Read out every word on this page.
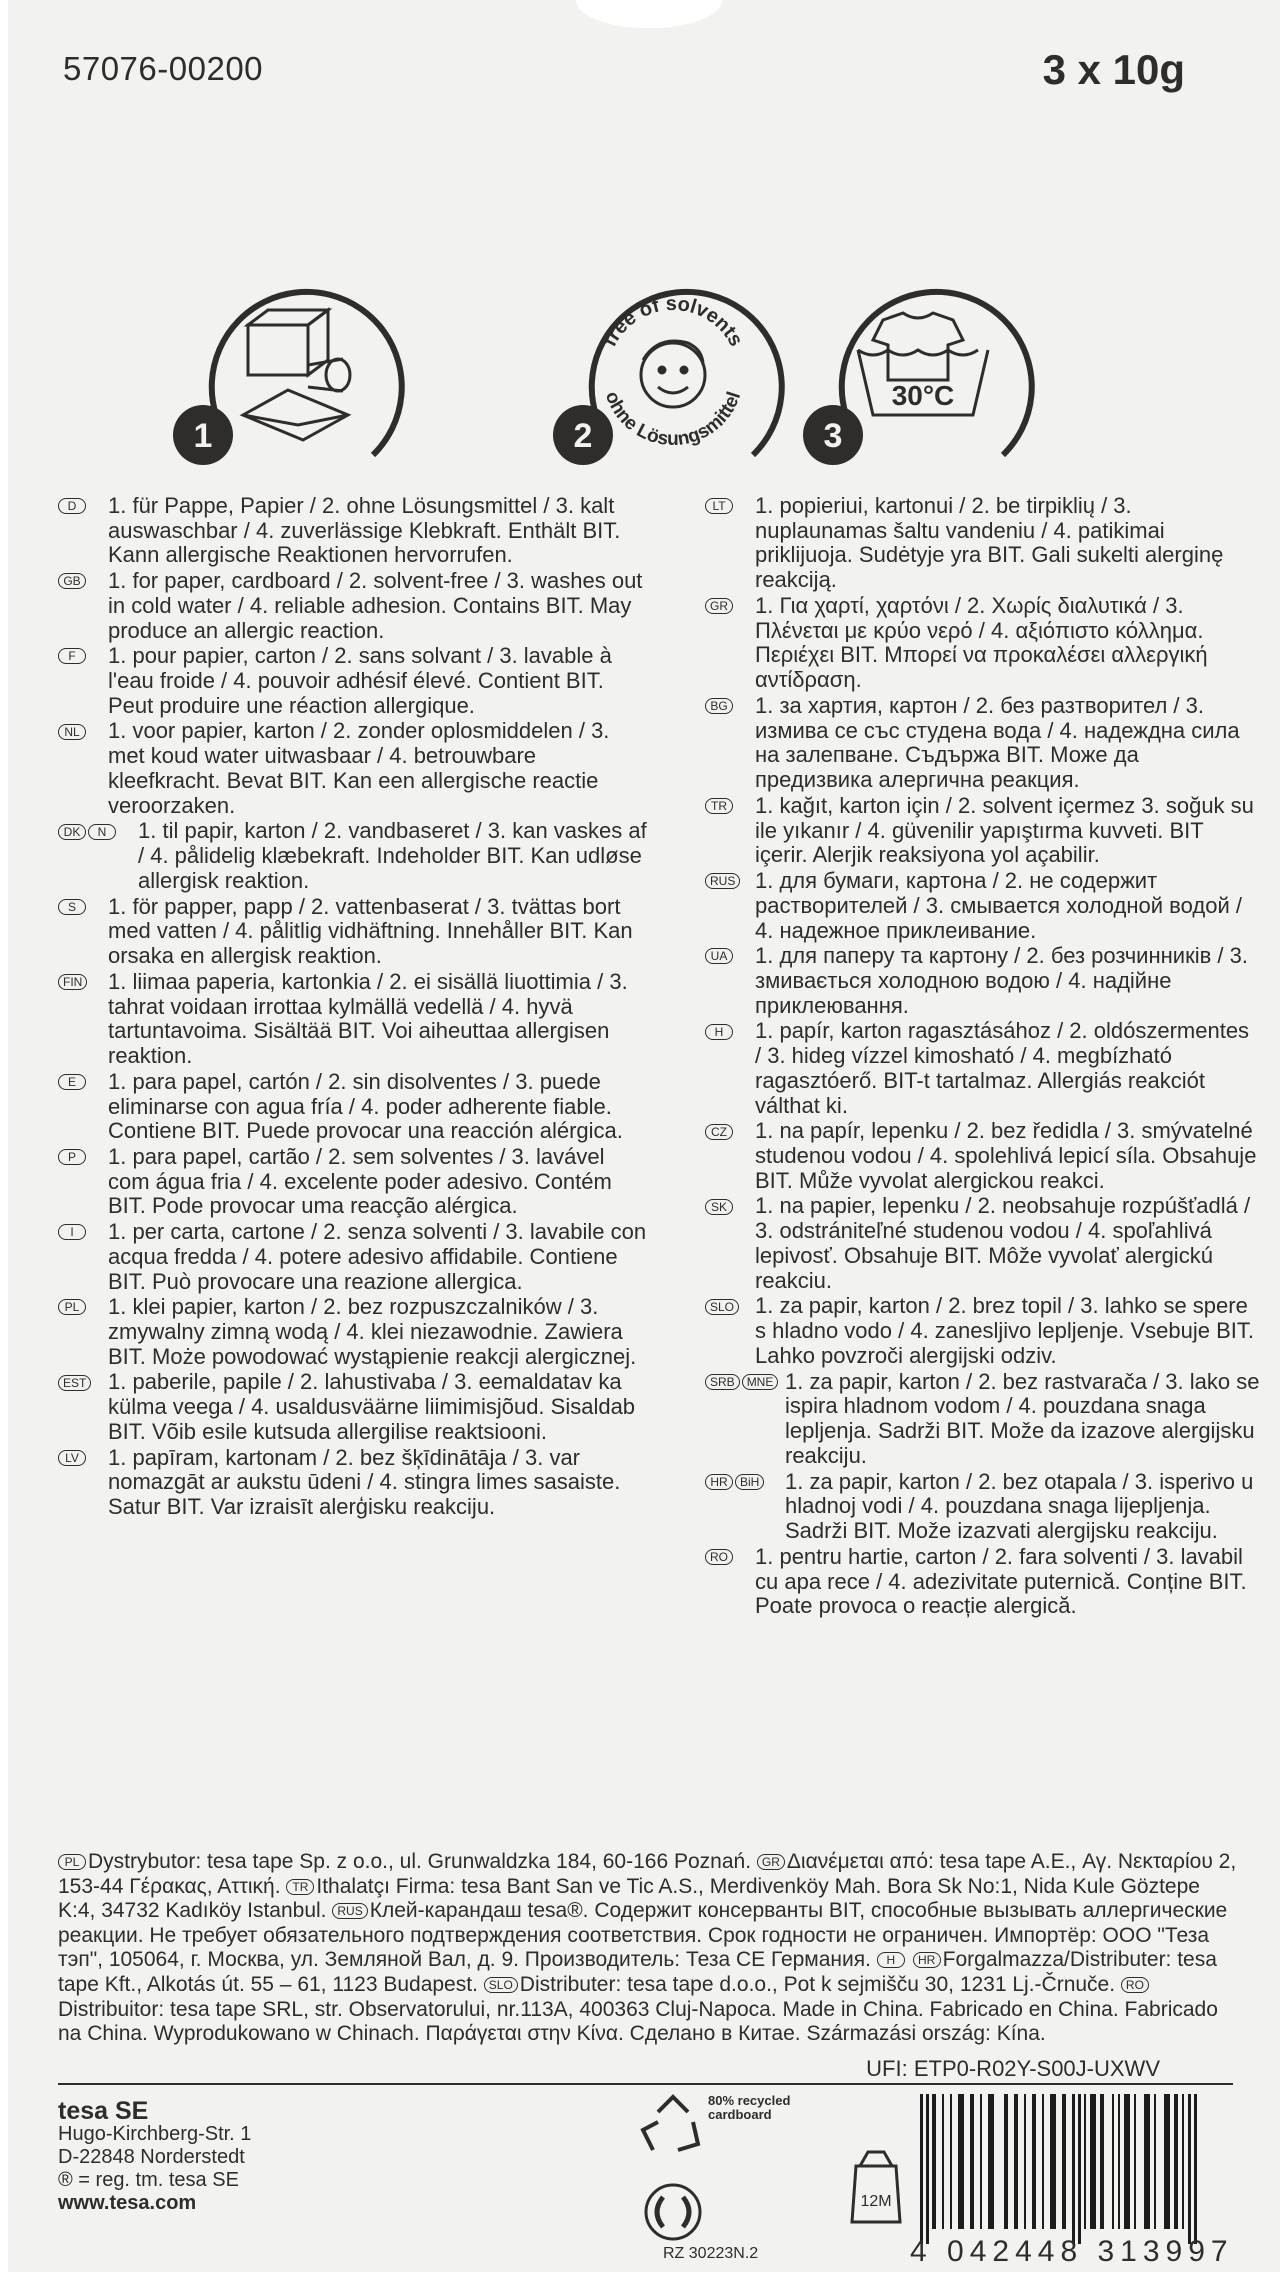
57076-00200	3 x 10g
1
free of solvents
ohne Lösungsmittel
2
30°C
3
D 1. für Pappe, Papier / 2. ohne Lösungsmittel / 3. kalt auswaschbar / 4. zuverlässige Klebkraft. Enthält BIT. Kann allergische Reaktionen hervorrufen.
GB 1. for paper, cardboard / 2. solvent-free / 3. washes out in cold water / 4. reliable adhesion. Contains BIT. May produce an allergic reaction.
F 1. pour papier, carton / 2. sans solvant / 3. lavable à l'eau froide / 4. pouvoir adhésif élevé. Contient BIT. Peut produire une réaction allergique.
NL 1. voor papier, karton / 2. zonder oplosmiddelen / 3. met koud water uitwasbaar / 4. betrouwbare kleefkracht. Bevat BIT. Kan een allergische reactie veroorzaken.
DK N 1. til papir, karton / 2. vandbaseret / 3. kan vaskes af / 4. pålidelig klæbekraft. Indeholder BIT. Kan udløse allergisk reaktion.
S 1. för papper, papp / 2. vattenbaserat / 3. tvättas bort med vatten / 4. pålitlig vidhäftning. Innehåller BIT. Kan orsaka en allergisk reaktion.
FIN 1. liimaa paperia, kartonkia / 2. ei sisällä liuottimia / 3. tahrat voidaan irrottaa kylmällä vedellä / 4. hyvä tartuntavoima. Sisältää BIT. Voi aiheuttaa allergisen reaktion.
E 1. para papel, cartón / 2. sin disolventes / 3. puede eliminarse con agua fría / 4. poder adherente fiable. Contiene BIT. Puede provocar una reacción alérgica.
P 1. para papel, cartão / 2. sem solventes / 3. lavável com água fria / 4. excelente poder adesivo. Contém BIT. Pode provocar uma reacção alérgica.
I 1. per carta, cartone / 2. senza solventi / 3. lavabile con acqua fredda / 4. potere adesivo affidabile. Contiene BIT. Può provocare una reazione allergica.
PL 1. klei papier, karton / 2. bez rozpuszczalników / 3. zmywalny zimną wodą / 4. klei niezawodnie. Zawiera BIT. Może powodować wystąpienie reakcji alergicznej.
EST 1. paberile, papile / 2. lahustivaba / 3. eemaldatav ka külma veega / 4. usaldusväärne liimimisjõud. Sisaldab BIT. Võib esile kutsuda allergilise reaktsiooni.
LV 1. papīram, kartonam / 2. bez šķīdinātāja / 3. var nomazgāt ar aukstu ūdeni / 4. stingra limes sasaiste. Satur BIT. Var izraisīt alerģisku reakciju.
LT 1. popieriui, kartonui / 2. be tirpiklių / 3. nuplaunamas šaltu vandeniu / 4. patikimai priklijuoja. Sudėtyje yra BIT. Gali sukelti alerginę reakciją.
GR 1. Για χαρτί, χαρτόνι / 2. Χωρίς διαλυτικά / 3. Πλένεται με κρύο νερό / 4. αξιόπιστο κόλλημα. Περιέχει BIT. Μπορεί να προκαλέσει αλλεργική αντίδραση.
BG 1. за хартия, картон / 2. без разтворител / 3. измива се със студена вода / 4. надеждна сила на залепване. Съдържа BIT. Може да предизвика алергична реакция.
TR 1. kağıt, karton için / 2. solvent içermez 3. soğuk su ile yıkanır / 4. güvenilir yapıştırma kuvveti. BIT içerir. Alerjik reaksiyona yol açabilir.
RUS 1. для бумаги, картона / 2. не содержит растворителей / 3. смывается холодной водой / 4. надежное приклеивание.
UA 1. для паперу та картону / 2. без розчинників / 3. змивається холодною водою / 4. надійне приклеювання.
H 1. papír, karton ragasztásához / 2. oldószermentes / 3. hideg vízzel kimosható / 4. megbízható ragasztóerő. BIT-t tartalmaz. Allergiás reakciót válthat ki.
CZ 1. na papír, lepenku / 2. bez ředidla / 3. smývatelné studenou vodou / 4. spolehlivá lepicí síla. Obsahuje BIT. Může vyvolat alergickou reakci.
SK 1. na papier, lepenku / 2. neobsahuje rozpúšťadlá / 3. odstrániteľné studenou vodou / 4. spoľahlivá lepivosť. Obsahuje BIT. Môže vyvolať alergickú reakciu.
SLO 1. za papir, karton / 2. brez topil / 3. lahko se spere s hladno vodo / 4. zanesljivo lepljenje. Vsebuje BIT. Lahko povzroči alergijski odziv.
SRB MNE 1. za papir, karton / 2. bez rastvarača / 3. lako se ispira hladnom vodom / 4. pouzdana snaga lepljenja. Sadrži BIT. Može da izazove alergijsku reakciju.
HR BiH 1. za papir, karton / 2. bez otapala / 3. isperivo u hladnoj vodi / 4. pouzdana snaga lijepljenja. Sadrži BIT. Može izazvati alergijsku reakciju.
RO 1. pentru hartie, carton / 2. fara solventi / 3. lavabil cu apa rece / 4. adezivitate puternică. Conține BIT. Poate provoca o reacție alergică.
PL Dystrybutor: tesa tape Sp. z o.o., ul. Grunwaldzka 184, 60-166 Poznań. GR Διανέμεται από: tesa tape A.E., Αγ. Νεκταρίου 2, 153-44 Γέρακας, Αττική. TR Ithalatçı Firma: tesa Bant San ve Tic A.S., Merdivenköy Mah. Bora Sk No:1, Nida Kule Göztepe K:4, 34732 Kadıköy Istanbul. RUS Клей-карандаш tesa®. Содержит консерванты BIT, способные вызывать аллергические реакции. Не требует обязательного подтверждения соответствия. Срок годности не ограничен. Импортёр: ООО "Теза тэп", 105064, г. Москва, ул. Земляной Вал, д. 9. Производитель: Теза СЕ Германия. H HR Forgalmazza/Distributer: tesa tape Kft., Alkotás út. 55 – 61, 1123 Budapest. SLO Distributer: tesa tape d.o.o., Pot k sejmišču 30, 1231 Lj.-Črnuče. RODistribuitor: tesa tape SRL, str. Observatorului, nr.113A, 400363 Cluj-Napoca. Made in China. Fabricado en China. Fabricado na China. Wyprodukowano w Chinach. Παράγεται στην Κίνα. Сделано в Китае. Származási ország: Kína.
UFI: ETP0-R02Y-S00J-UXWV
tesa SE
Hugo-Kirchberg-Str. 1
D-22848 Norderstedt
® = reg. tm. tesa SE
www.tesa.com
80% recycled cardboard
RZ 30223N.2
12M
4 042448 313997
